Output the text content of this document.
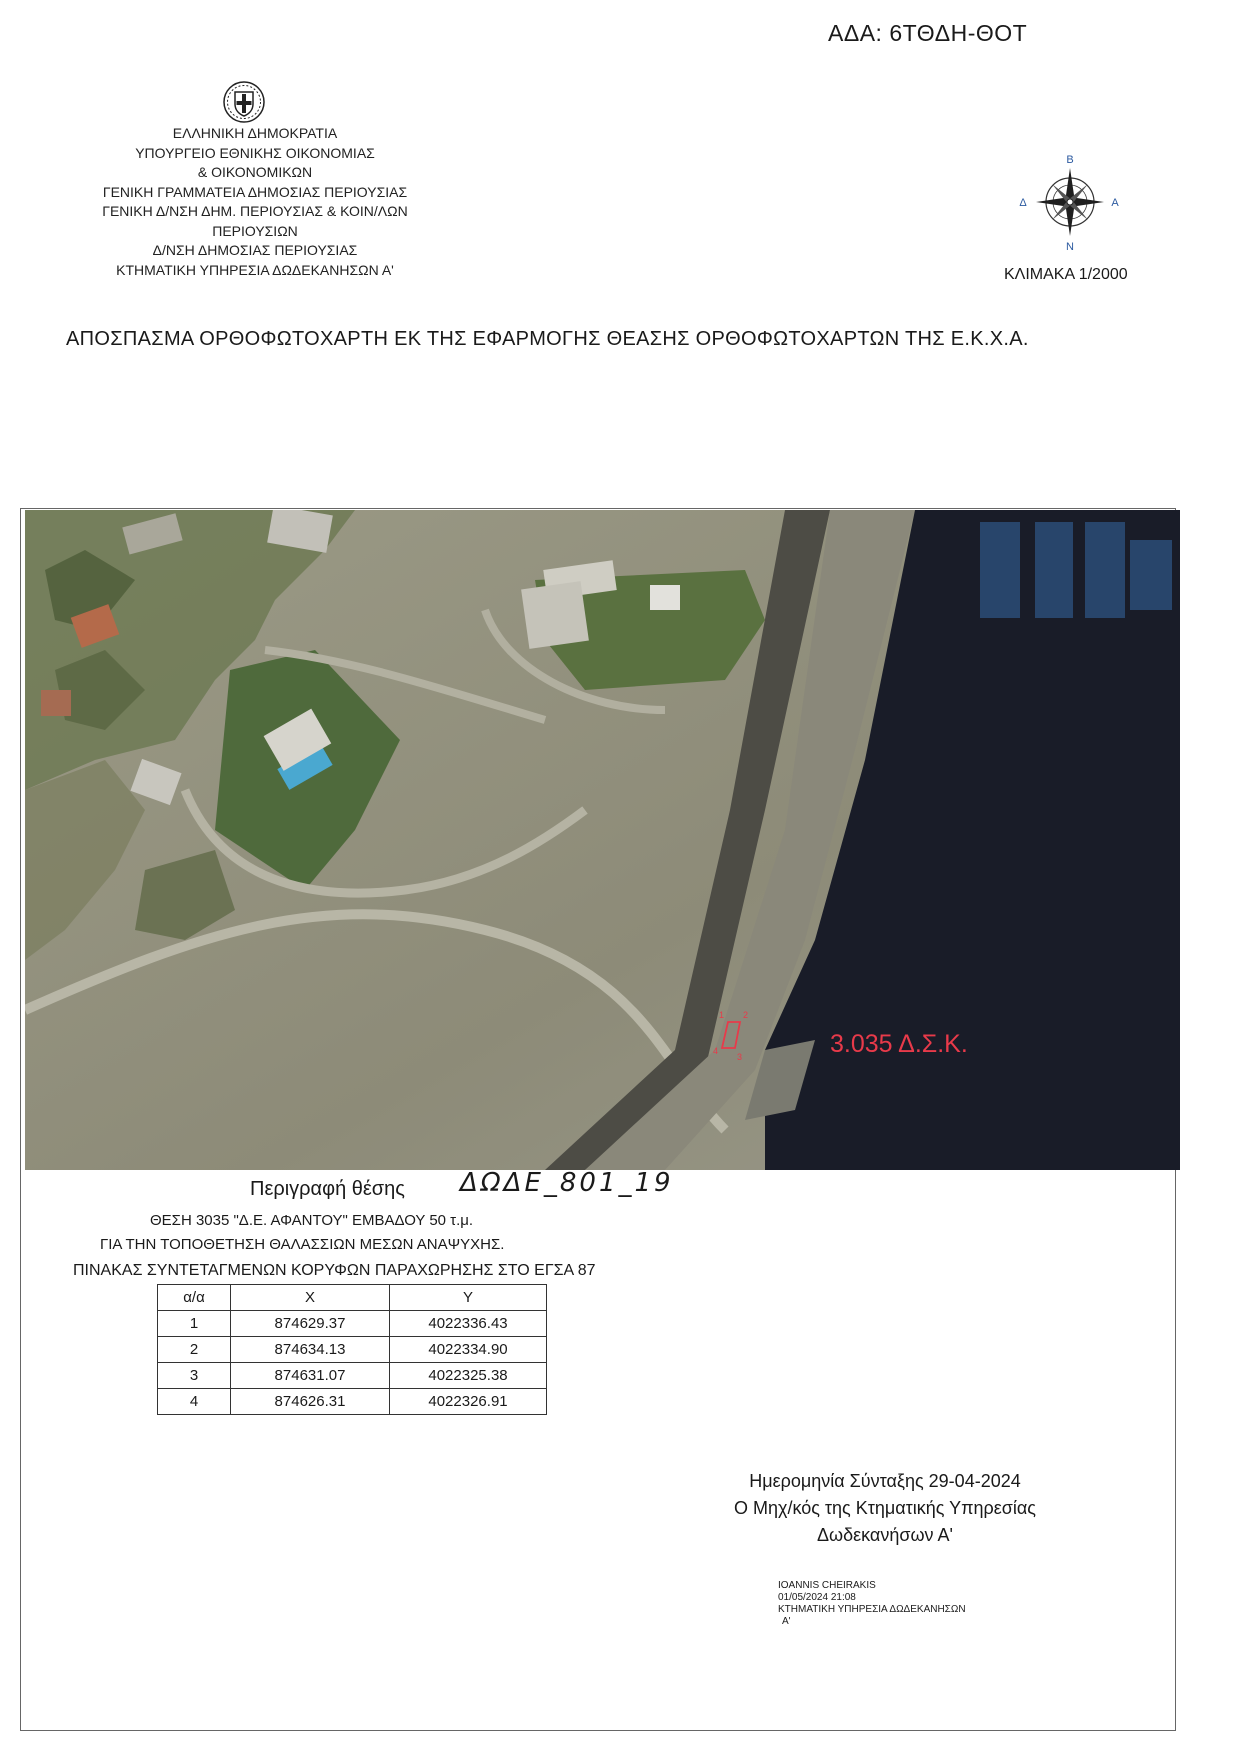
ΑΔΑ: 6ΤΘΔΗ-ΘΟΤ
ΕΛΛΗΝΙΚΗ ΔΗΜΟΚΡΑΤΙΑ
ΥΠΟΥΡΓΕΙΟ ΕΘΝΙΚΗΣ ΟΙΚΟΝΟΜΙΑΣ
& ΟΙΚΟΝΟΜΙΚΩΝ
ΓΕΝΙΚΗ ΓΡΑΜΜΑΤΕΙΑ ΔΗΜΟΣΙΑΣ ΠΕΡΙΟΥΣΙΑΣ
ΓΕΝΙΚΗ Δ/ΝΣΗ ΔΗΜ. ΠΕΡΙΟΥΣΙΑΣ & ΚΟΙΝ/ΛΩΝ
ΠΕΡΙΟΥΣΙΩΝ
Δ/ΝΣΗ ΔΗΜΟΣΙΑΣ ΠΕΡΙΟΥΣΙΑΣ
ΚΤΗΜΑΤΙΚΗ ΥΠΗΡΕΣΙΑ ΔΩΔΕΚΑΝΗΣΩΝ Α'
Β
N
Δ	Α
ΚΛΙΜΑΚΑ 1/2000
ΑΠΟΣΠΑΣΜΑ ΟΡΘΟΦΩΤΟΧΑΡΤΗ ΕΚ ΤΗΣ ΕΦΑΡΜΟΓΗΣ ΘΕΑΣΗΣ ΟΡΘΟΦΩΤΟΧΑΡΤΩΝ ΤΗΣ Ε.Κ.Χ.Α.
1 2
3
4	3.035 Δ.Σ.Κ.
Περιγραφή θέσης ΔΩΔΕ_801_19
ΘΕΣΗ 3035 "Δ.Ε. ΑΦΑΝΤΟΥ" ΕΜΒΑΔΟΥ 50 τ.μ.
ΓΙΑ ΤΗΝ ΤΟΠΟΘΕΤΗΣΗ ΘΑΛΑΣΣΙΩΝ ΜΕΣΩΝ ΑΝΑΨΥΧΗΣ.
ΠΙΝΑΚΑΣ ΣΥΝΤΕΤΑΓΜΕΝΩΝ ΚΟΡΥΦΩΝ ΠΑΡΑΧΩΡΗΣΗΣ ΣΤΟ ΕΓΣΑ 87
α/α	X	Y
1	874629.37	4022336.43
2	874634.13	4022334.90
3	874631.07	4022325.38
4	874626.31	4022326.91
Ημερομηνία Σύνταξης 29-04-2024
Ο Μηχ/κός της Κτηματικής Υπηρεσίας
Δωδεκανήσων Α'
IOANNIS CHEIRAKIS
01/05/2024 21:08
ΚΤΗΜΑΤΙΚΗ ΥΠΗΡΕΣΙΑ ΔΩΔΕΚΑΝΗΣΩΝ
Α'
